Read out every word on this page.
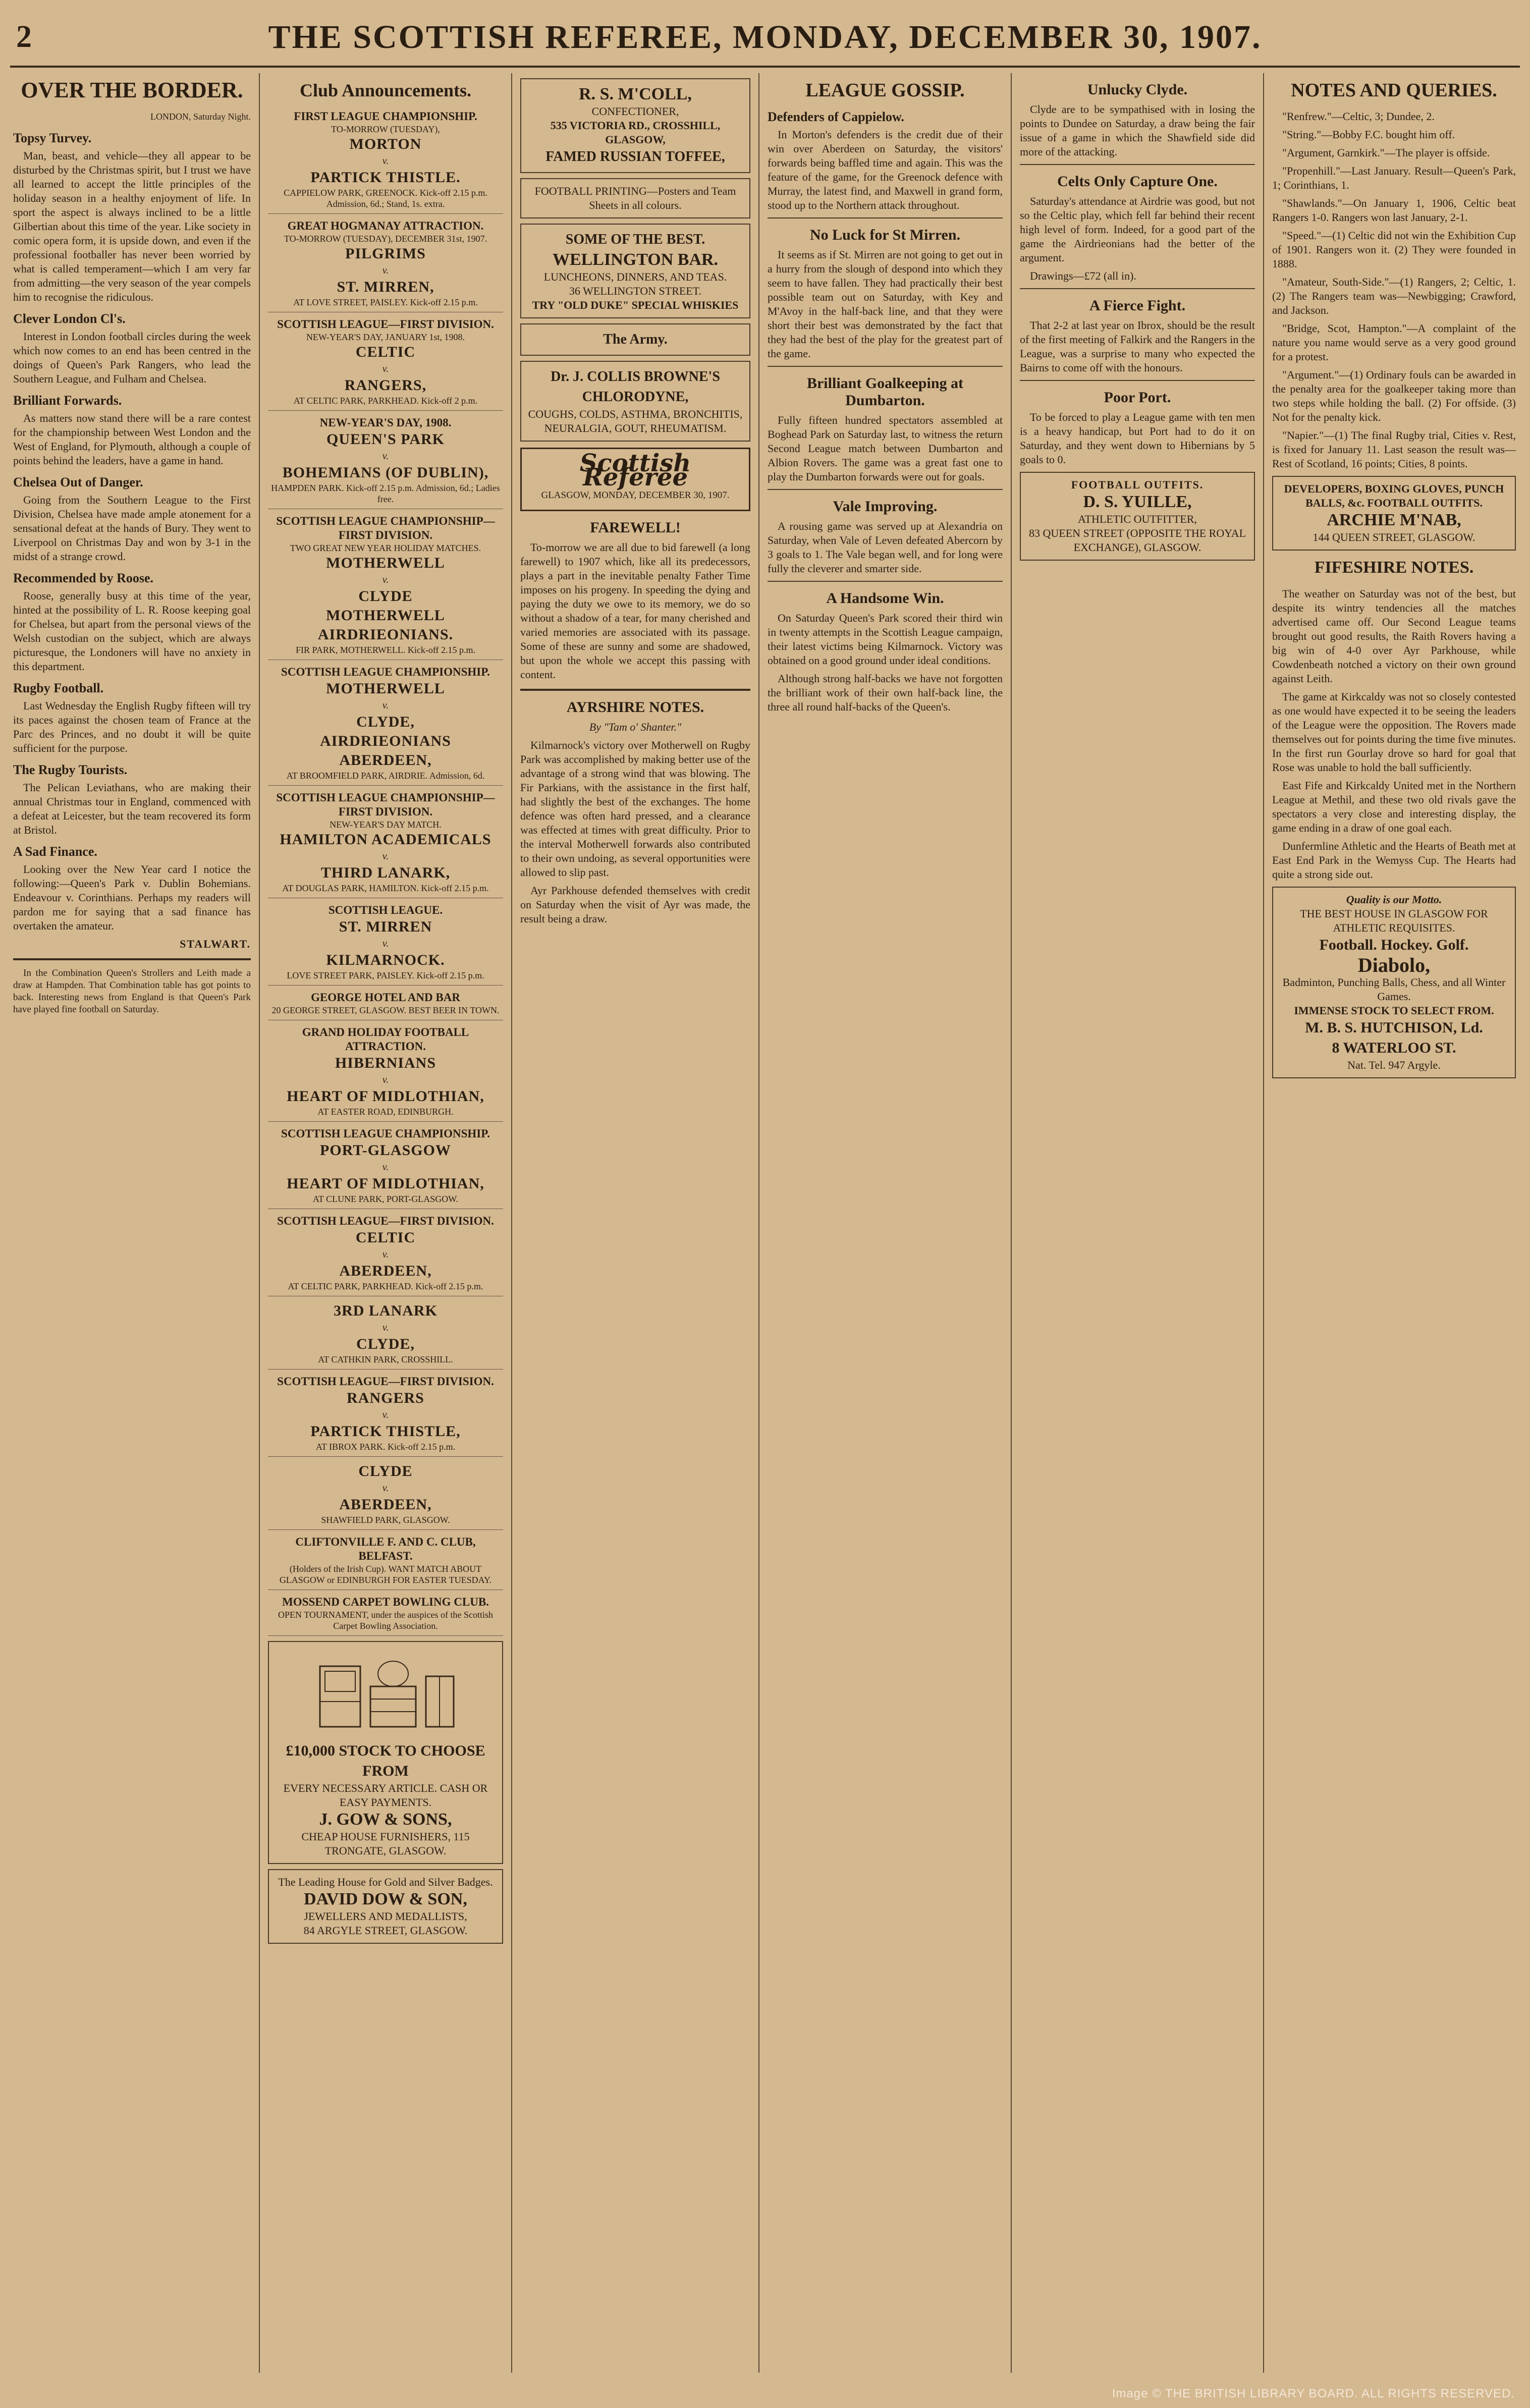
2	THE SCOTTISH REFEREE, MONDAY, DECEMBER 30, 1907.
OVER THE BORDER.
LONDON, Saturday Night.
Topsy Turvey.

Man, beast, and vehicle—they all appear to be disturbed by the Christmas spirit, but I trust we have all learned to accept the little principles of the holiday season in a healthy enjoyment of life. In sport the aspect is always inclined to be a little Gilbertian about this time of the year. Like society in comic opera form, it is upside down, and even if the professional footballer has never been worried by what is called temperament—which I am very far from admitting—the very season of the year compels him to recognise the ridiculous.

Clever London Cl's.

Interest in London football circles during the week which now comes to an end has been centred in the doings of Queen's Park Rangers, who lead the Southern League, and Fulham and Chelsea.

Brilliant Forwards.

As matters now stand there will be a rare contest for the championship between West London and the West of England, for Plymouth, although a couple of points behind the leaders, have a game in hand.

Chelsea Out of Danger.

Going from the Southern League to the First Division, Chelsea have made ample atonement for a sensational defeat at the hands of Bury. They went to Liverpool on Christmas Day and won by 3-1 in the midst of a strange crowd.

Recommended by Roose.

Roose, generally busy at this time of the year, hinted at the possibility of L. R. Roose keeping goal for Chelsea, but apart from the personal views of the Welsh custodian on the subject, which are always picturesque, the Londoners will have no anxiety in this department.

Rugby Football.

Last Wednesday the English Rugby fifteen will try its paces against the chosen team of France at the Parc des Princes, and no doubt it will be quite sufficient for the purpose.

The Rugby Tourists.

The Pelican Leviathans, who are making their annual Christmas tour in England, commenced with a defeat at Leicester, but the team recovered its form at Bristol.

A Sad Finance.

Looking over the New Year card I notice the following:—Queen's Park v. Dublin Bohemians. Endeavour v. Corinthians. Perhaps my readers will pardon me for saying that a sad finance has overtaken the amateur.

STALWART.

In the Combination Queen's Strollers and Leith made a draw at Hampden. That Combination table has got points to back. Interesting news from England is that Queen's Park have played fine football on Saturday.

Club Announcements.
FIRST LEAGUE CHAMPIONSHIP.
TO-MORROW (TUESDAY),
MORTON
v.
PARTICK THISTLE.
CAPPIELOW PARK, GREENOCK. Kick-off 2.15 p.m. Admission, 6d.; Stand, 1s. extra.
GREAT HOGMANAY ATTRACTION.
TO-MORROW (TUESDAY), DECEMBER 31st, 1907.
PILGRIMS
v.
ST. MIRREN,
AT LOVE STREET, PAISLEY. Kick-off 2.15 p.m.
SCOTTISH LEAGUE—FIRST DIVISION.
NEW-YEAR'S DAY, JANUARY 1st, 1908.
CELTIC
v.
RANGERS,
AT CELTIC PARK, PARKHEAD. Kick-off 2 p.m.
NEW-YEAR'S DAY, 1908.
QUEEN'S PARK
v.
BOHEMIANS (OF DUBLIN),
HAMPDEN PARK. Kick-off 2.15 p.m. Admission, 6d.; Ladies free.
SCOTTISH LEAGUE CHAMPIONSHIP—FIRST DIVISION.
TWO GREAT NEW YEAR HOLIDAY MATCHES.
MOTHERWELL
v.
CLYDE
MOTHERWELL
AIRDRIEONIANS.
FIR PARK, MOTHERWELL. Kick-off 2.15 p.m.
SCOTTISH LEAGUE CHAMPIONSHIP.
MOTHERWELL
v.
CLYDE,
AIRDRIEONIANS
ABERDEEN,
AT BROOMFIELD PARK, AIRDRIE. Admission, 6d.
SCOTTISH LEAGUE CHAMPIONSHIP—FIRST DIVISION.
NEW-YEAR'S DAY MATCH.
HAMILTON ACADEMICALS
v.
THIRD LANARK,
AT DOUGLAS PARK, HAMILTON. Kick-off 2.15 p.m.
SCOTTISH LEAGUE.
ST. MIRREN
v.
KILMARNOCK.
LOVE STREET PARK, PAISLEY. Kick-off 2.15 p.m.
GEORGE HOTEL AND BAR
20 GEORGE STREET, GLASGOW. BEST BEER IN TOWN.
GRAND HOLIDAY FOOTBALL ATTRACTION.
HIBERNIANS
v.
HEART OF MIDLOTHIAN,
AT EASTER ROAD, EDINBURGH.
SCOTTISH LEAGUE CHAMPIONSHIP.
PORT-GLASGOW
v.
HEART OF MIDLOTHIAN,
AT CLUNE PARK, PORT-GLASGOW.
SCOTTISH LEAGUE—FIRST DIVISION.
CELTIC
v.
ABERDEEN,
AT CELTIC PARK, PARKHEAD. Kick-off 2.15 p.m.
3RD LANARK
v.
CLYDE,
AT CATHKIN PARK, CROSSHILL.
SCOTTISH LEAGUE—FIRST DIVISION.
RANGERS
v.
PARTICK THISTLE,
AT IBROX PARK. Kick-off 2.15 p.m.
CLYDE
v.
ABERDEEN,
SHAWFIELD PARK, GLASGOW.
CLIFTONVILLE F. AND C. CLUB, BELFAST.
(Holders of the Irish Cup). WANT MATCH ABOUT GLASGOW or EDINBURGH FOR EASTER TUESDAY.
MOSSEND CARPET BOWLING CLUB.
OPEN TOURNAMENT, under the auspices of the Scottish Carpet Bowling Association.
£10,000 STOCK TO CHOOSE FROM
EVERY NECESSARY ARTICLE. CASH OR EASY PAYMENTS.
J. GOW & SONS,
CHEAP HOUSE FURNISHERS, 115 TRONGATE, GLASGOW.
The Leading House for Gold and Silver Badges.
DAVID DOW & SON,
JEWELLERS AND MEDALLISTS,
84 ARGYLE STREET, GLASGOW.
R. S. M'COLL,
CONFECTIONER,
535 VICTORIA RD., CROSSHILL, GLASGOW,
FAMED RUSSIAN TOFFEE,
FOOTBALL PRINTING—Posters and Team Sheets in all colours.
SOME OF THE BEST.
WELLINGTON BAR.
LUNCHEONS, DINNERS, AND TEAS.
36 WELLINGTON STREET.
TRY "OLD DUKE" SPECIAL WHISKIES
The Army.
Dr. J. COLLIS BROWNE'S CHLORODYNE,
COUGHS, COLDS, ASTHMA, BRONCHITIS, NEURALGIA, GOUT, RHEUMATISM.
Scottish Referee
GLASGOW, MONDAY, DECEMBER 30, 1907.
FAREWELL!

To-morrow we are all due to bid farewell (a long farewell) to 1907 which, like all its predecessors, plays a part in the inevitable penalty Father Time imposes on his progeny. In speeding the dying and paying the duty we owe to its memory, we do so without a shadow of a tear, for many cherished and varied memories are associated with its passage. Some of these are sunny and some are shadowed, but upon the whole we accept this passing with content.

AYRSHIRE NOTES.
By "Tam o' Shanter."

Kilmarnock's victory over Motherwell on Rugby Park was accomplished by making better use of the advantage of a strong wind that was blowing. The Fir Parkians, with the assistance in the first half, had slightly the best of the exchanges. The home defence was often hard pressed, and a clearance was effected at times with great difficulty. Prior to the interval Motherwell forwards also contributed to their own undoing, as several opportunities were allowed to slip past.

Ayr Parkhouse defended themselves with credit on Saturday when the visit of Ayr was made, the result being a draw.

LEAGUE GOSSIP.
Defenders of Cappielow.

In Morton's defenders is the credit due of their win over Aberdeen on Saturday, the visitors' forwards being baffled time and again. This was the feature of the game, for the Greenock defence with Murray, the latest find, and Maxwell in grand form, stood up to the Northern attack throughout.

No Luck for St Mirren.

It seems as if St. Mirren are not going to get out in a hurry from the slough of despond into which they seem to have fallen. They had practically their best possible team out on Saturday, with Key and M'Avoy in the half-back line, and that they were short their best was demonstrated by the fact that they had the best of the play for the greatest part of the game.

Brilliant Goalkeeping at Dumbarton.

Fully fifteen hundred spectators assembled at Boghead Park on Saturday last, to witness the return Second League match between Dumbarton and Albion Rovers. The game was a great fast one to play the Dumbarton forwards were out for goals.

Vale Improving.

A rousing game was served up at Alexandria on Saturday, when Vale of Leven defeated Abercorn by 3 goals to 1. The Vale began well, and for long were fully the cleverer and smarter side.

A Handsome Win.

On Saturday Queen's Park scored their third win in twenty attempts in the Scottish League campaign, their latest victims being Kilmarnock. Victory was obtained on a good ground under ideal conditions.

Although strong half-backs we have not forgotten the brilliant work of their own half-back line, the three all round half-backs of the Queen's.

Unlucky Clyde.

Clyde are to be sympathised with in losing the points to Dundee on Saturday, a draw being the fair issue of a game in which the Shawfield side did more of the attacking.

Celts Only Capture One.

Saturday's attendance at Airdrie was good, but not so the Celtic play, which fell far behind their recent high level of form. Indeed, for a good part of the game the Airdrieonians had the better of the argument.

Drawings—£72 (all in).

A Fierce Fight.

That 2-2 at last year on Ibrox, should be the result of the first meeting of Falkirk and the Rangers in the League, was a surprise to many who expected the Bairns to come off with the honours.

Poor Port.

To be forced to play a League game with ten men is a heavy handicap, but Port had to do it on Saturday, and they went down to Hibernians by 5 goals to 0.

FOOTBALL OUTFITS.
D. S. YUILLE,
ATHLETIC OUTFITTER,
83 QUEEN STREET (OPPOSITE THE ROYAL EXCHANGE), GLASGOW.
NOTES AND QUERIES.

"Renfrew."—Celtic, 3; Dundee, 2.

"String."—Bobby F.C. bought him off.

"Argument, Garnkirk."—The player is offside.

"Propenhill."—Last January. Result—Queen's Park, 1; Corinthians, 1.

"Shawlands."—On January 1, 1906, Celtic beat Rangers 1-0. Rangers won last January, 2-1.

"Speed."—(1) Celtic did not win the Exhibition Cup of 1901. Rangers won it. (2) They were founded in 1888.

"Amateur, South-Side."—(1) Rangers, 2; Celtic, 1. (2) The Rangers team was—Newbigging; Crawford, and Jackson.

"Bridge, Scot, Hampton."—A complaint of the nature you name would serve as a very good ground for a protest.

"Argument."—(1) Ordinary fouls can be awarded in the penalty area for the goalkeeper taking more than two steps while holding the ball. (2) For offside. (3) Not for the penalty kick.

"Napier."—(1) The final Rugby trial, Cities v. Rest, is fixed for January 11. Last season the result was—Rest of Scotland, 16 points; Cities, 8 points.

DEVELOPERS, BOXING GLOVES, PUNCH BALLS, &c. FOOTBALL OUTFITS.
ARCHIE M'NAB,
144 QUEEN STREET, GLASGOW.
FIFESHIRE NOTES.

The weather on Saturday was not of the best, but despite its wintry tendencies all the matches advertised came off. Our Second League teams brought out good results, the Raith Rovers having a big win of 4-0 over Ayr Parkhouse, while Cowdenbeath notched a victory on their own ground against Leith.

The game at Kirkcaldy was not so closely contested as one would have expected it to be seeing the leaders of the League were the opposition. The Rovers made themselves out for points during the time five minutes. In the first run Gourlay drove so hard for goal that Rose was unable to hold the ball sufficiently.

East Fife and Kirkcaldy United met in the Northern League at Methil, and these two old rivals gave the spectators a very close and interesting display, the game ending in a draw of one goal each.

Dunfermline Athletic and the Hearts of Beath met at East End Park in the Wemyss Cup. The Hearts had quite a strong side out.

Quality is our Motto.
THE BEST HOUSE IN GLASGOW FOR ATHLETIC REQUISITES.
Football. Hockey. Golf.
Diabolo,
Badminton, Punching Balls, Chess, and all Winter Games.
IMMENSE STOCK TO SELECT FROM.
M. B. S. HUTCHISON, Ld.
8 WATERLOO ST.
Nat. Tel. 947 Argyle.
Image © THE BRITISH LIBRARY BOARD. ALL RIGHTS RESERVED.
